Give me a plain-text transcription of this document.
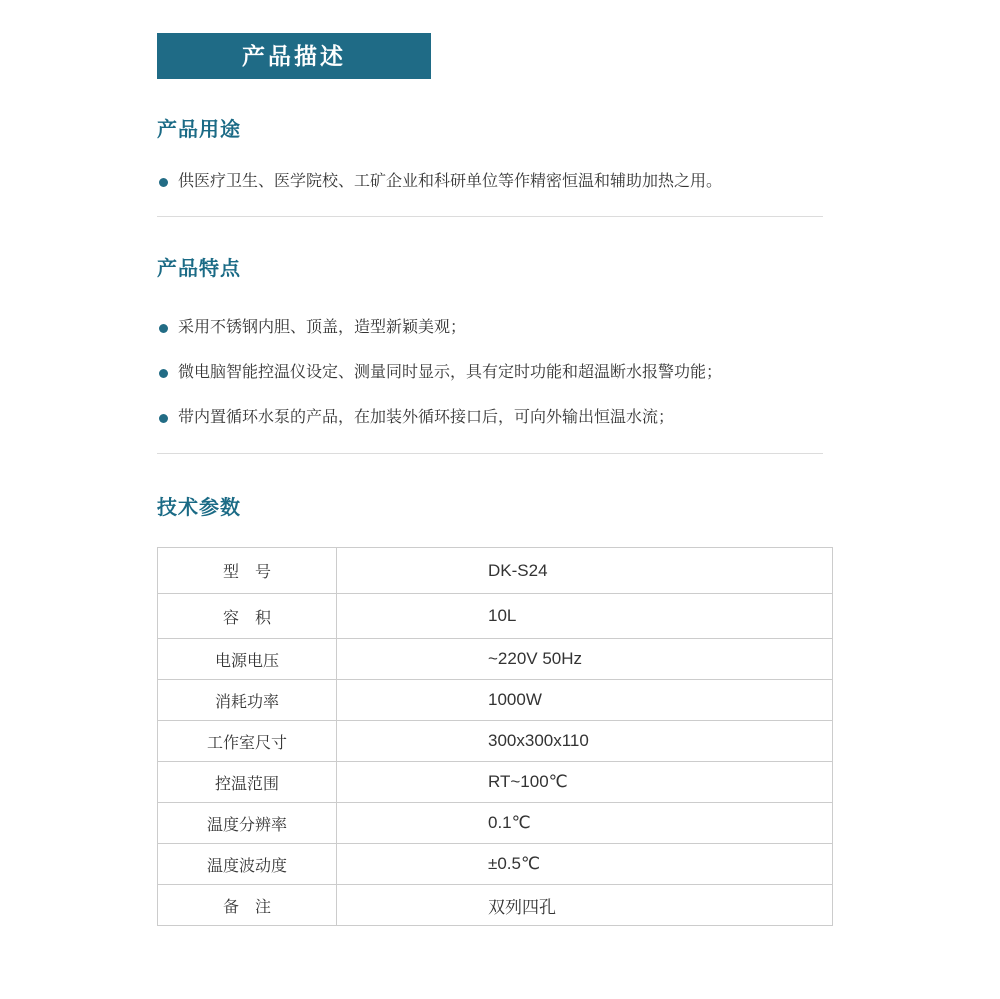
产品描述
产品用途
供医疗卫生、医学院校、工矿企业和科研单位等作精密恒温和辅助加热之用。
产品特点
采用不锈钢内胆、顶盖，造型新颖美观；
微电脑智能控温仪设定、测量同时显示，具有定时功能和超温断水报警功能；
带内置循环水泵的产品，在加装外循环接口后，可向外输出恒温水流；
技术参数
型　号	DK-S24
容　积	10L
电源电压	~220V 50Hz
消耗功率	1000W
工作室尺寸	300x300x110
控温范围	RT~100℃
温度分辨率	0.1℃
温度波动度	±0.5℃
备　注	双列四孔
